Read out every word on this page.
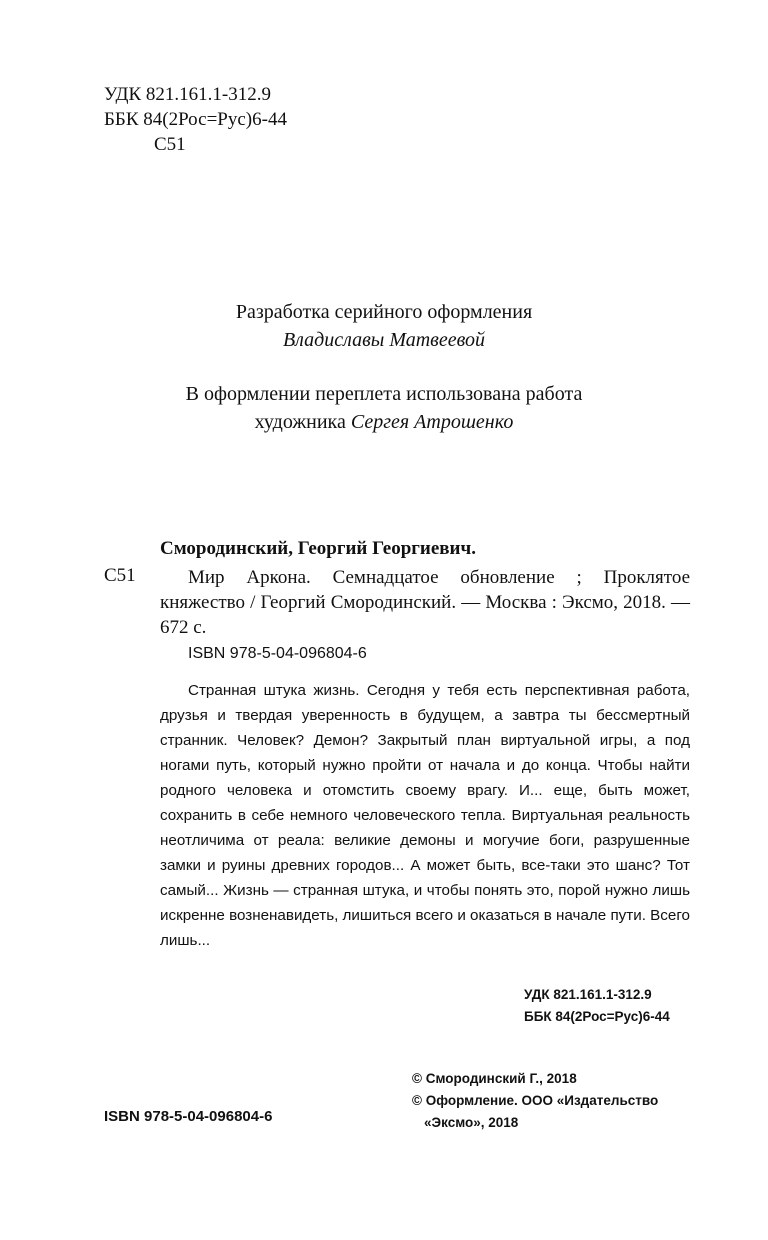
УДК 821.161.1-312.9
ББК 84(2Рос=Рус)6-44
С51
Разработка серийного оформления
Владиславы Матвеевой
В оформлении переплета использована работа
художника Сергея Атрошенко
Смородинский, Георгий Георгиевич.
С51	Мир Аркона. Семнадцатое обновление ; Проклятое княжество / Георгий Смородинский. — Москва : Эксмо, 2018. — 672 с.

ISBN 978-5-04-096804-6
Странная штука жизнь. Сегодня у тебя есть перспективная работа, друзья и твердая уверенность в будущем, а завтра ты бессмертный странник. Человек? Демон? Закрытый план виртуальной игры, а под ногами путь, который нужно пройти от начала и до конца. Чтобы найти родного человека и отомстить своему врагу. И... еще, быть может, сохранить в себе немного человеческого тепла. Виртуальная реальность неотличима от реала: великие демоны и могучие боги, разрушенные замки и руины древних городов... А может быть, все-таки это шанс? Тот самый... Жизнь — странная штука, и чтобы понять это, порой нужно лишь искренне возненавидеть, лишиться всего и оказаться в начале пути. Всего лишь...
УДК 821.161.1-312.9
ББК 84(2Рос=Рус)6-44
© Смородинский Г., 2018
© Оформление. ООО «Издательство
«Эксмо», 2018
ISBN 978-5-04-096804-6
